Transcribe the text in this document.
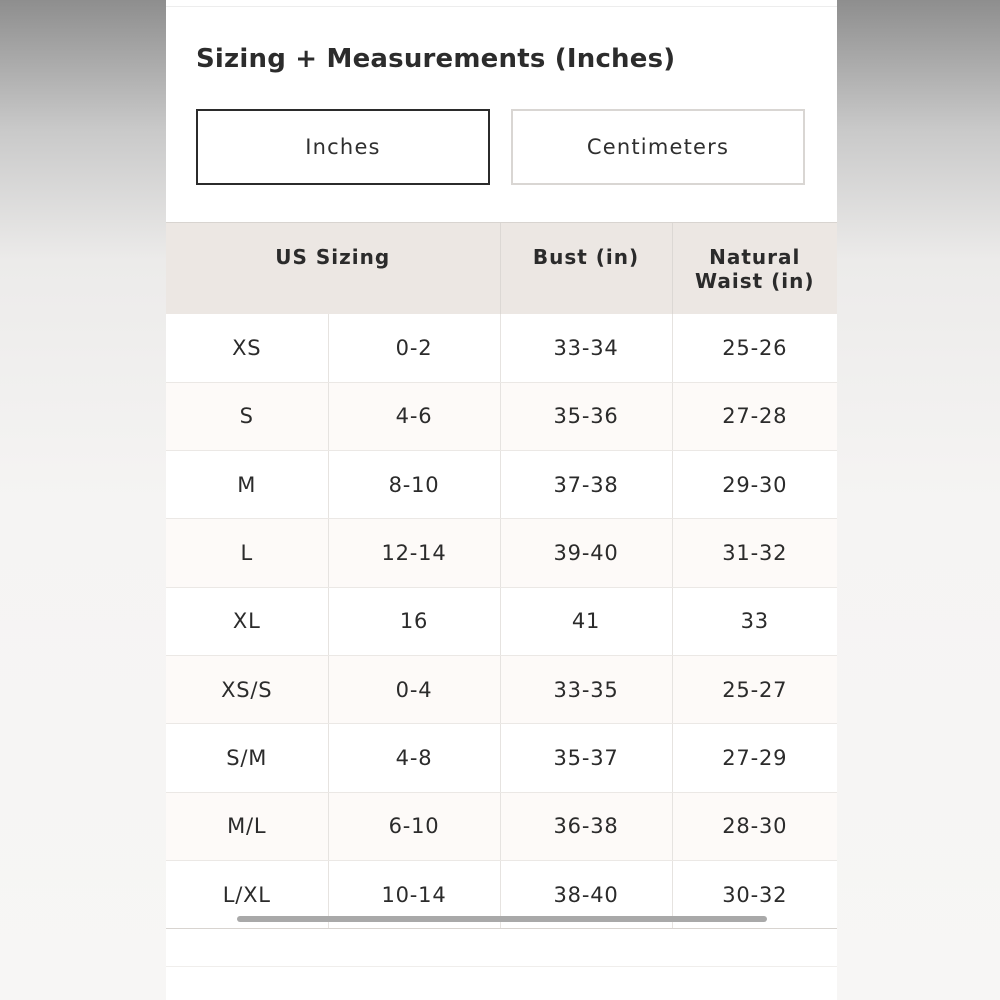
Sizing + Measurements (Inches)
Inches	Centimeters
US Sizing		Bust (in)	Natural
Waist (in)
XS	0-2	33-34	25-26
S	4-6	35-36	27-28
M	8-10	37-38	29-30
L	12-14	39-40	31-32
XL	16	41	33
XS/S	0-4	33-35	25-27
S/M	4-8	35-37	27-29
M/L	6-10	36-38	28-30
L/XL	10-14	38-40	30-32
